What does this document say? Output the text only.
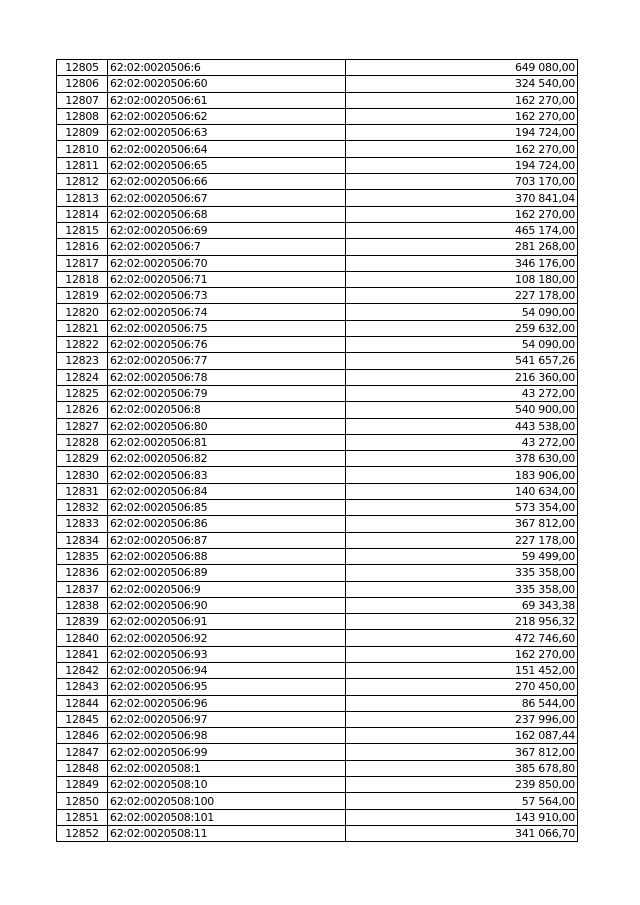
12805	62:02:0020506:6	649 080,00
12806	62:02:0020506:60	324 540,00
12807	62:02:0020506:61	162 270,00
12808	62:02:0020506:62	162 270,00
12809	62:02:0020506:63	194 724,00
12810	62:02:0020506:64	162 270,00
12811	62:02:0020506:65	194 724,00
12812	62:02:0020506:66	703 170,00
12813	62:02:0020506:67	370 841,04
12814	62:02:0020506:68	162 270,00
12815	62:02:0020506:69	465 174,00
12816	62:02:0020506:7	281 268,00
12817	62:02:0020506:70	346 176,00
12818	62:02:0020506:71	108 180,00
12819	62:02:0020506:73	227 178,00
12820	62:02:0020506:74	54 090,00
12821	62:02:0020506:75	259 632,00
12822	62:02:0020506:76	54 090,00
12823	62:02:0020506:77	541 657,26
12824	62:02:0020506:78	216 360,00
12825	62:02:0020506:79	43 272,00
12826	62:02:0020506:8	540 900,00
12827	62:02:0020506:80	443 538,00
12828	62:02:0020506:81	43 272,00
12829	62:02:0020506:82	378 630,00
12830	62:02:0020506:83	183 906,00
12831	62:02:0020506:84	140 634,00
12832	62:02:0020506:85	573 354,00
12833	62:02:0020506:86	367 812,00
12834	62:02:0020506:87	227 178,00
12835	62:02:0020506:88	59 499,00
12836	62:02:0020506:89	335 358,00
12837	62:02:0020506:9	335 358,00
12838	62:02:0020506:90	69 343,38
12839	62:02:0020506:91	218 956,32
12840	62:02:0020506:92	472 746,60
12841	62:02:0020506:93	162 270,00
12842	62:02:0020506:94	151 452,00
12843	62:02:0020506:95	270 450,00
12844	62:02:0020506:96	86 544,00
12845	62:02:0020506:97	237 996,00
12846	62:02:0020506:98	162 087,44
12847	62:02:0020506:99	367 812,00
12848	62:02:0020508:1	385 678,80
12849	62:02:0020508:10	239 850,00
12850	62:02:0020508:100	57 564,00
12851	62:02:0020508:101	143 910,00
12852	62:02:0020508:11	341 066,70
